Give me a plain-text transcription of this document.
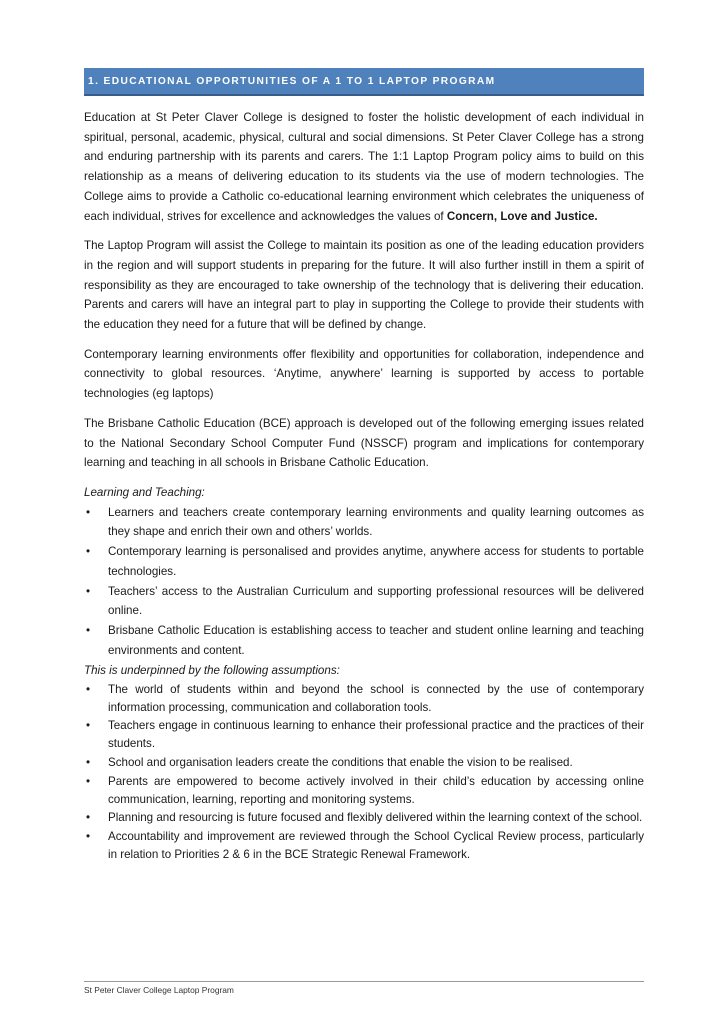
1. EDUCATIONAL OPPORTUNITIES OF A 1 TO 1 LAPTOP PROGRAM

Education at St Peter Claver College is designed to foster the holistic development of each individual in spiritual, personal, academic, physical, cultural and social dimensions. St Peter Claver College has a strong and enduring partnership with its parents and carers. The 1:1 Laptop Program policy aims to build on this relationship as a means of delivering education to its students via the use of modern technologies. The College aims to provide a Catholic co-educational learning environment which celebrates the uniqueness of each individual, strives for excellence and acknowledges the values of Concern, Love and Justice.

The Laptop Program will assist the College to maintain its position as one of the leading education providers in the region and will support students in preparing for the future. It will also further instill in them a spirit of responsibility as they are encouraged to take ownership of the technology that is delivering their education. Parents and carers will have an integral part to play in supporting the College to provide their students with the education they need for a future that will be defined by change.

Contemporary learning environments offer flexibility and opportunities for collaboration, independence and connectivity to global resources. ‘Anytime, anywhere’ learning is supported by access to portable technologies (eg laptops)

The Brisbane Catholic Education (BCE) approach is developed out of the following emerging issues related to the National Secondary School Computer Fund (NSSCF) program and implications for contemporary learning and teaching in all schools in Brisbane Catholic Education.

Learning and Teaching:

• Learners and teachers create contemporary learning environments and quality learning outcomes as they shape and enrich their own and others’ worlds.
• Contemporary learning is personalised and provides anytime, anywhere access for students to portable technologies.
• Teachers’ access to the Australian Curriculum and supporting professional resources will be delivered online.
• Brisbane Catholic Education is establishing access to teacher and student online learning and teaching environments and content.

This is underpinned by the following assumptions:

• The world of students within and beyond the school is connected by the use of contemporary information processing, communication and collaboration tools.
• Teachers engage in continuous learning to enhance their professional practice and the practices of their students.
• School and organisation leaders create the conditions that enable the vision to be realised.
• Parents are empowered to become actively involved in their child’s education by accessing online communication, learning, reporting and monitoring systems.
• Planning and resourcing is future focused and flexibly delivered within the learning context of the school.
• Accountability and improvement are reviewed through the School Cyclical Review process, particularly in relation to Priorities 2 & 6 in the BCE Strategic Renewal Framework.
St Peter Claver College Laptop Program
